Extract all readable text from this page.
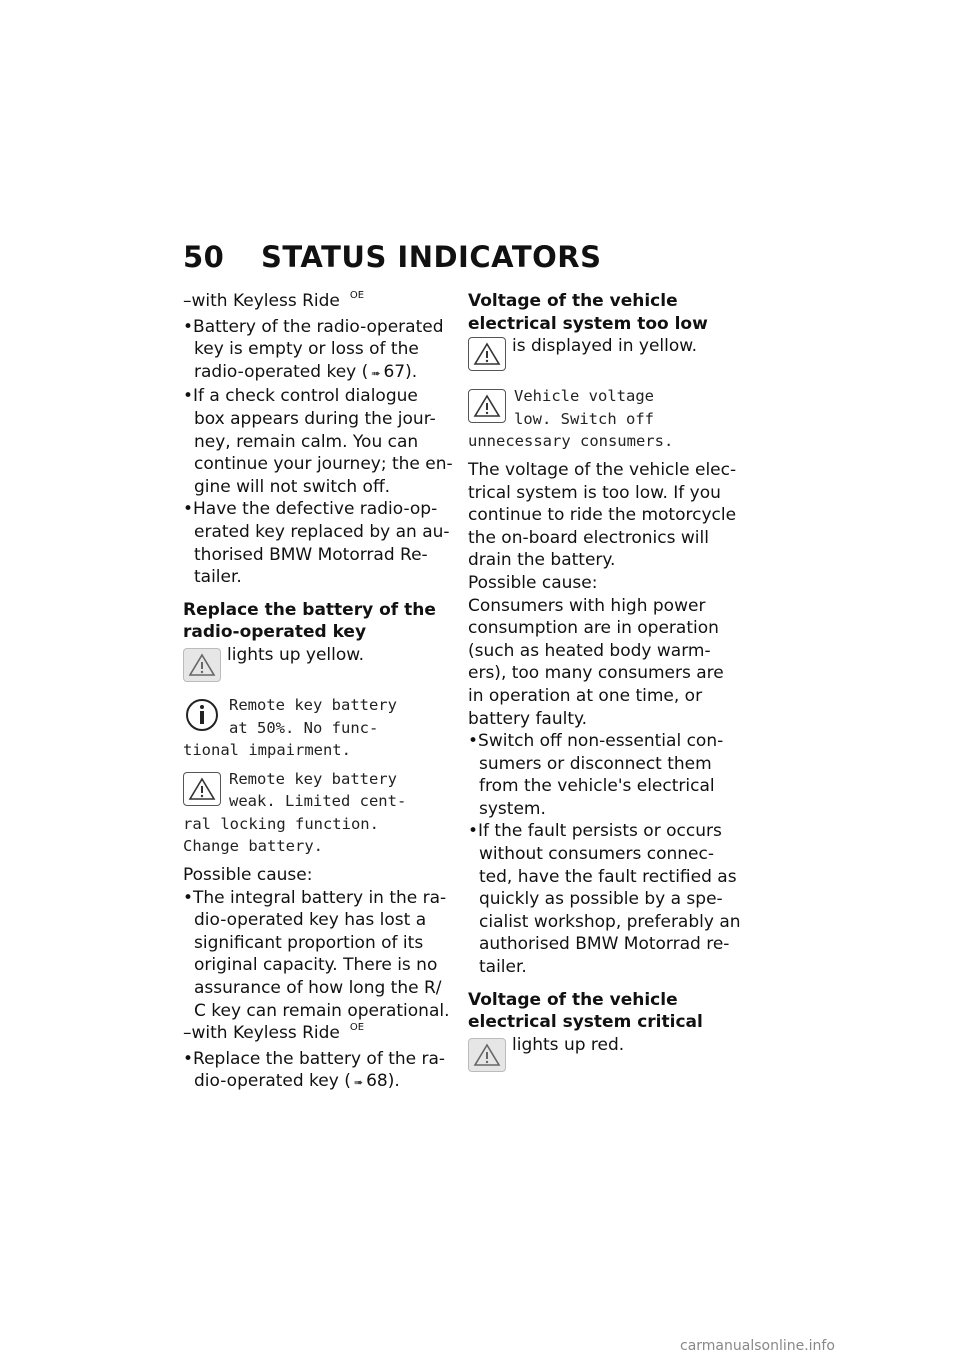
50 STATUS INDICATORS
–with Keyless Ride $^{OE}$
•Battery of the radio-operated
key is empty or loss of the
radio-operated key ( ➠ 67).
•If a check control dialogue
box appears during the jour-
ney, remain calm. You can
continue your journey; the en-
gine will not switch off.
•Have the defective radio-op-
erated key replaced by an au-
thorised BMW Motorrad Re-
tailer.
Replace the battery of the
radio-operated key
lights up yellow.
Remote key battery
at 50%. No func-
tional impairment.
Remote key battery
weak. Limited cent-
ral locking function.
Change battery.
Possible cause:
•The integral battery in the ra-
dio-operated key has lost a
significant proportion of its
original capacity. There is no
assurance of how long the R/
C key can remain operational.
–with Keyless Ride $^{OE}$
•Replace the battery of the ra-
dio-operated key ( ➠ 68).
Voltage of the vehicle
electrical system too low
is displayed in yellow.
Vehicle voltage
low. Switch off
unnecessary consumers.
The voltage of the vehicle elec-
trical system is too low. If you
continue to ride the motorcycle
the on-board electronics will
drain the battery.
Possible cause:
Consumers with high power
consumption are in operation
(such as heated body warm-
ers), too many consumers are
in operation at one time, or
battery faulty.
•Switch off non-essential con-
sumers or disconnect them
from the vehicle's electrical
system.
•If the fault persists or occurs
without consumers connec-
ted, have the fault rectified as
quickly as possible by a spe-
cialist workshop, preferably an
authorised BMW Motorrad re-
tailer.
Voltage of the vehicle
electrical system critical
lights up red.
carmanualsonline.info
